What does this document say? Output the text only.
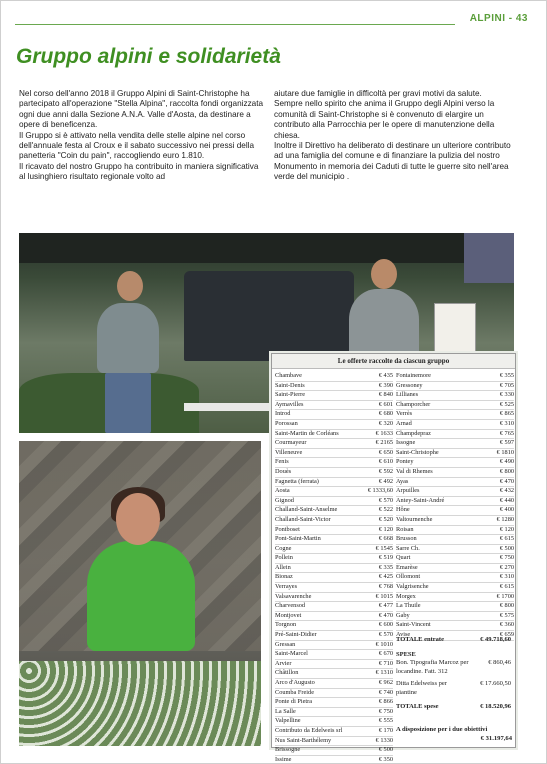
ALPINI - 43
Gruppo alpini e solidarietà

Nel corso dell'anno 2018 il Gruppo Alpini di Saint-Christophe ha partecipato all'operazione "Stella Alpina", raccolta fondi organizzata ogni due anni dalla Sezione A.N.A. Valle d'Aosta, da destinare a opere di beneficenza.

Il Gruppo si è attivato nella vendita delle stelle alpine nel corso dell'annuale festa al Croux e il sabato successivo nei pressi della panetteria "Coin du pain", raccogliendo euro 1.810.

Il ricavato del nostro Gruppo ha contribuito in maniera significativa al lusinghiero risultato regionale volto ad

aiutare due famiglie in difficoltà per gravi motivi da salute.

Sempre nello spirito che anima il Gruppo degli Alpini verso la comunità di Saint-Christophe si è convenuto di elargire un contributo alla Parrocchia per le opere di manutenzione della chiesa.

Inoltre il Direttivo ha deliberato di destinare un ulteriore contributo ad una famiglia del comune e di finanziare la pulizia del nostro Monumento in memoria dei Caduti di tutte le guerre sito nell'area verde del municipio .

Le offerte raccolte da ciascun gruppo
Chambave	€ 435
Saint-Denis	€ 390
Saint-Pierre	€ 840
Aymavilles	€ 601
Introd	€ 680
Porossan	€ 320
Saint-Martin de Corléans	€ 1633
Courmayeur	€ 2165
Villeneuve	€ 650
Fenis	€ 610
Douès	€ 592
Fagnetta (ferrata)	€ 492
Aosta	€ 1333,60
Gignod	€ 570
Challand-Saint-Anselme	€ 522
Challand-Saint-Victor	€ 520
Pontboset	€ 120
Pont-Saint-Martin	€ 668
Cogne	€ 1545
Pollein	€ 519
Allein	€ 335
Bionaz	€ 425
Verrayes	€ 768
Valsavarenche	€ 1015
Charvensod	€ 477
Montjovet	€ 470
Torgnon	€ 600
Pré-Saint-Didier	€ 570
Gressan	€ 1010
Saint-Marcel	€ 670
Arvier	€ 710
Châtillon	€ 1310
Arco d'Augusto	€ 962
Coumba Freide	€ 740
Ponte di Pietra	€ 866
La Salle	€ 750
Valpelline	€ 555
Contributo da Edelweis srl	€ 170
Nus Saint-Barthélemy	€ 1330
Brissogne	€ 500
Issime	€ 350
Fontainemore	€ 355
Gressoney	€ 705
Lillianes	€ 330
Champorcher	€ 525
Verrès	€ 865
Arnad	€ 310
Champdepraz	€ 765
Issogne	€ 597
Saint-Christophe	€ 1810
Pontey	€ 490
Val di Rhemes	€ 800
Ayas	€ 470
Arpuilles	€ 432
Antey-Saint-André	€ 440
Hône	€ 400
Valtournenche	€ 1280
Roisan	€ 120
Brusson	€ 615
Sarre Ch.	€ 500
Quart	€ 750
Emarèse	€ 270
Ollomont	€ 310
Valgrisenche	€ 615
Morgex	€ 1700
La Thuile	€ 800
Gaby	€ 575
Saint-Vincent	€ 360
Avise	€ 659
TOTALE entrate	€ 49.718,60
SPESE
Bon. Tipografia Marcoz per locandine. Fatt. 312
€ 860,46
Ditta Edelweiss per piantine
€ 17.660,50
TOTALE spese	€ 18.520,96
A disposizione per i due obiettivi
€ 31.197,64
